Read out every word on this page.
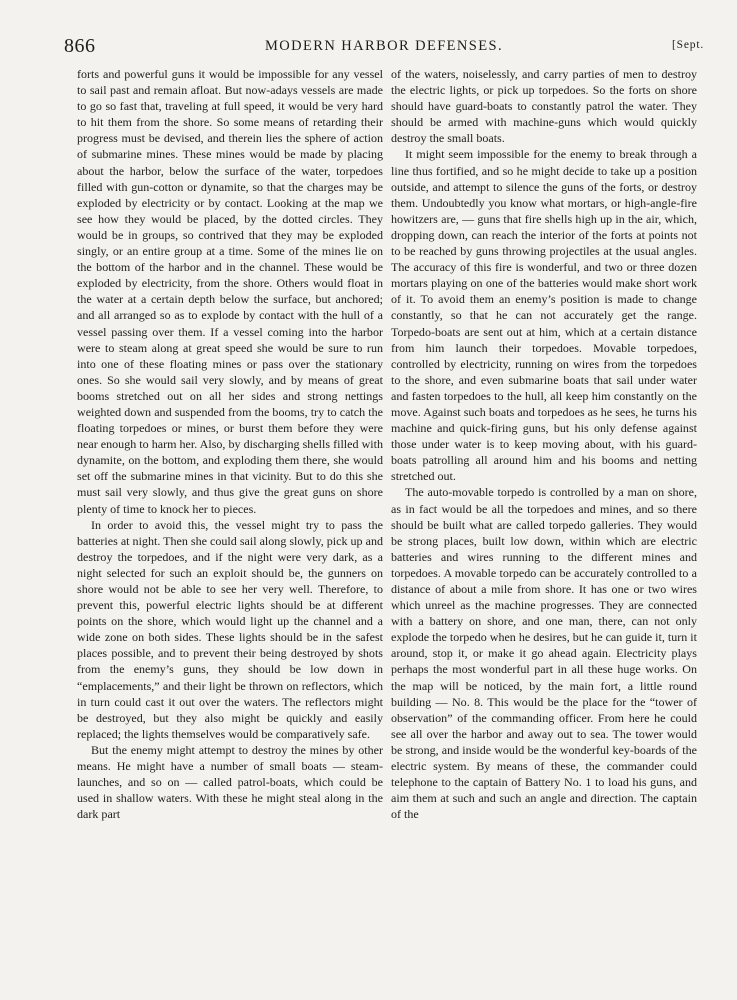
866	MODERN HARBOR DEFENSES.	[Sept.

forts and powerful guns it would be impossible for any vessel to sail past and remain afloat. But now-adays vessels are made to go so fast that, traveling at full speed, it would be very hard to hit them from the shore. So some means of retarding their progress must be devised, and therein lies the sphere of action of submarine mines. These mines would be made by placing about the harbor, below the surface of the water, torpedoes filled with gun-cotton or dynamite, so that the charges may be exploded by electricity or by contact. Looking at the map we see how they would be placed, by the dotted circles. They would be in groups, so contrived that they may be exploded singly, or an entire group at a time. Some of the mines lie on the bottom of the harbor and in the channel. These would be exploded by electricity, from the shore. Others would float in the water at a certain depth below the surface, but anchored; and all arranged so as to explode by contact with the hull of a vessel passing over them. If a vessel coming into the harbor were to steam along at great speed she would be sure to run into one of these floating mines or pass over the stationary ones. So she would sail very slowly, and by means of great booms stretched out on all her sides and strong nettings weighted down and suspended from the booms, try to catch the floating torpedoes or mines, or burst them before they were near enough to harm her. Also, by discharging shells filled with dynamite, on the bottom, and exploding them there, she would set off the submarine mines in that vicinity. But to do this she must sail very slowly, and thus give the great guns on shore plenty of time to knock her to pieces.

In order to avoid this, the vessel might try to pass the batteries at night. Then she could sail along slowly, pick up and destroy the torpedoes, and if the night were very dark, as a night selected for such an exploit should be, the gunners on shore would not be able to see her very well. Therefore, to prevent this, powerful electric lights should be at different points on the shore, which would light up the channel and a wide zone on both sides. These lights should be in the safest places possible, and to prevent their being destroyed by shots from the enemy’s guns, they should be low down in “emplacements,” and their light be thrown on reflectors, which in turn could cast it out over the waters. The reflectors might be destroyed, but they also might be quickly and easily replaced; the lights themselves would be comparatively safe.

But the enemy might attempt to destroy the mines by other means. He might have a number of small boats — steam-launches, and so on — called patrol-boats, which could be used in shallow waters. With these he might steal along in the dark part

of the waters, noiselessly, and carry parties of men to destroy the electric lights, or pick up torpedoes. So the forts on shore should have guard-boats to constantly patrol the water. They should be armed with machine-guns which would quickly destroy the small boats.

It might seem impossible for the enemy to break through a line thus fortified, and so he might decide to take up a position outside, and attempt to silence the guns of the forts, or destroy them. Undoubtedly you know what mortars, or high-angle-fire howitzers are, — guns that fire shells high up in the air, which, dropping down, can reach the interior of the forts at points not to be reached by guns throwing projectiles at the usual angles. The accuracy of this fire is wonderful, and two or three dozen mortars playing on one of the batteries would make short work of it. To avoid them an enemy’s position is made to change constantly, so that he can not accurately get the range. Torpedo-boats are sent out at him, which at a certain distance from him launch their torpedoes. Movable torpedoes, controlled by electricity, running on wires from the torpedoes to the shore, and even submarine boats that sail under water and fasten torpedoes to the hull, all keep him constantly on the move. Against such boats and torpedoes as he sees, he turns his machine and quick-firing guns, but his only defense against those under water is to keep moving about, with his guard-boats patrolling all around him and his booms and netting stretched out.

The auto-movable torpedo is controlled by a man on shore, as in fact would be all the torpedoes and mines, and so there should be built what are called torpedo galleries. They would be strong places, built low down, within which are electric batteries and wires running to the different mines and torpedoes. A movable torpedo can be accurately controlled to a distance of about a mile from shore. It has one or two wires which unreel as the machine progresses. They are connected with a battery on shore, and one man, there, can not only explode the torpedo when he desires, but he can guide it, turn it around, stop it, or make it go ahead again. Electricity plays perhaps the most wonderful part in all these huge works. On the map will be noticed, by the main fort, a little round building — No. 8. This would be the place for the “tower of observation” of the commanding officer. From here he could see all over the harbor and away out to sea. The tower would be strong, and inside would be the wonderful key-boards of the electric system. By means of these, the commander could telephone to the captain of Battery No. 1 to load his guns, and aim them at such and such an angle and direction. The captain of the
